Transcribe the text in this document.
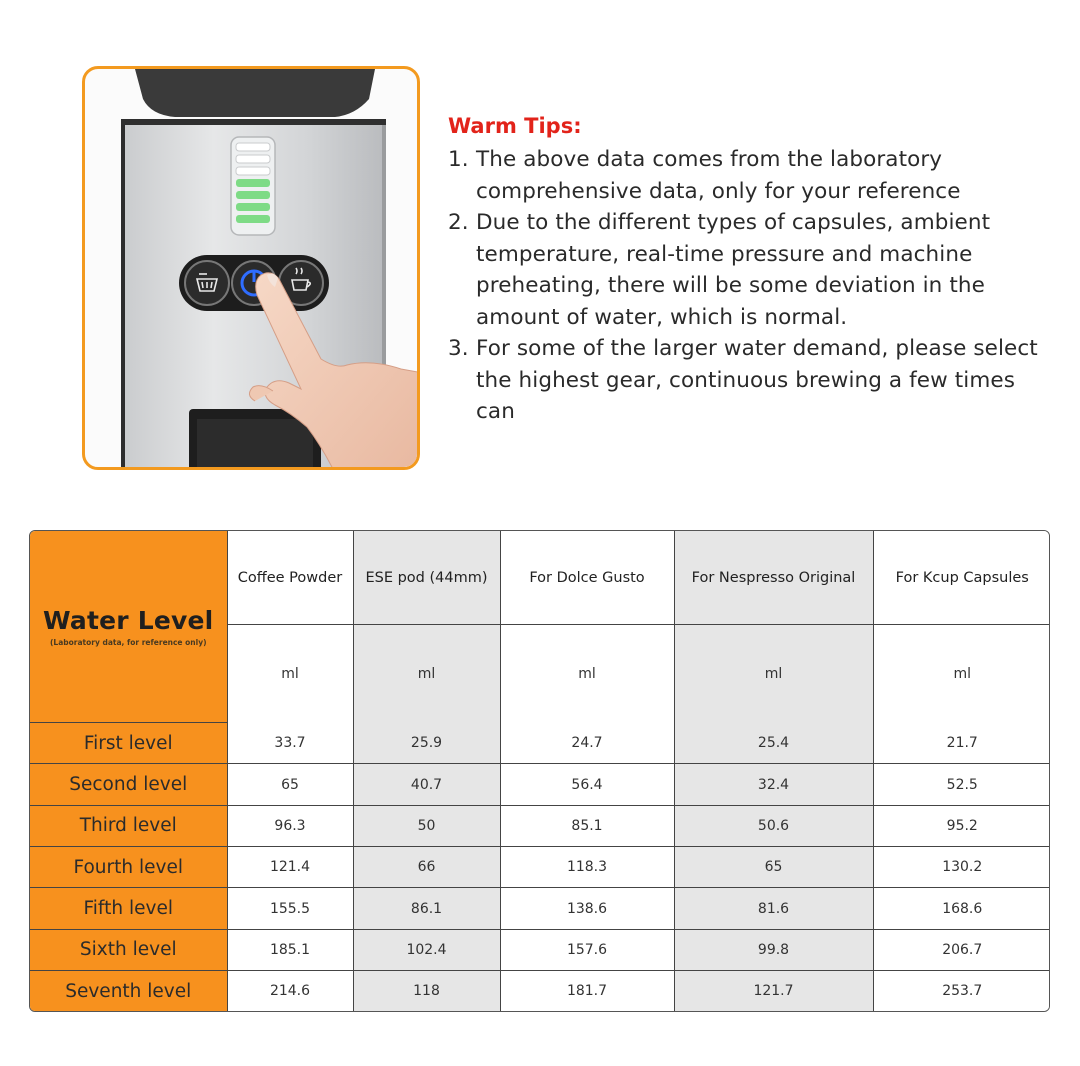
Warm Tips:
1. The above data comes from the laboratory comprehensive data, only for your reference
2. Due to the different types of capsules, ambient temperature, real-time pressure and machine preheating, there will be some deviation in the amount of water, which is normal.
3. For some of the larger water demand, please select the highest gear, continuous brewing a few times can
Water Level
(Laboratory data, for reference only)	Coffee Powder	ESE pod (44mm)	For Dolce Gusto	For Nespresso Original	For Kcup Capsules
	ml	ml	ml	ml	ml
First level	33.7	25.9	24.7	25.4	21.7
Second level	65	40.7	56.4	32.4	52.5
Third level	96.3	50	85.1	50.6	95.2
Fourth level	121.4	66	118.3	65	130.2
Fifth level	155.5	86.1	138.6	81.6	168.6
Sixth level	185.1	102.4	157.6	99.8	206.7
Seventh level	214.6	118	181.7	121.7	253.7
